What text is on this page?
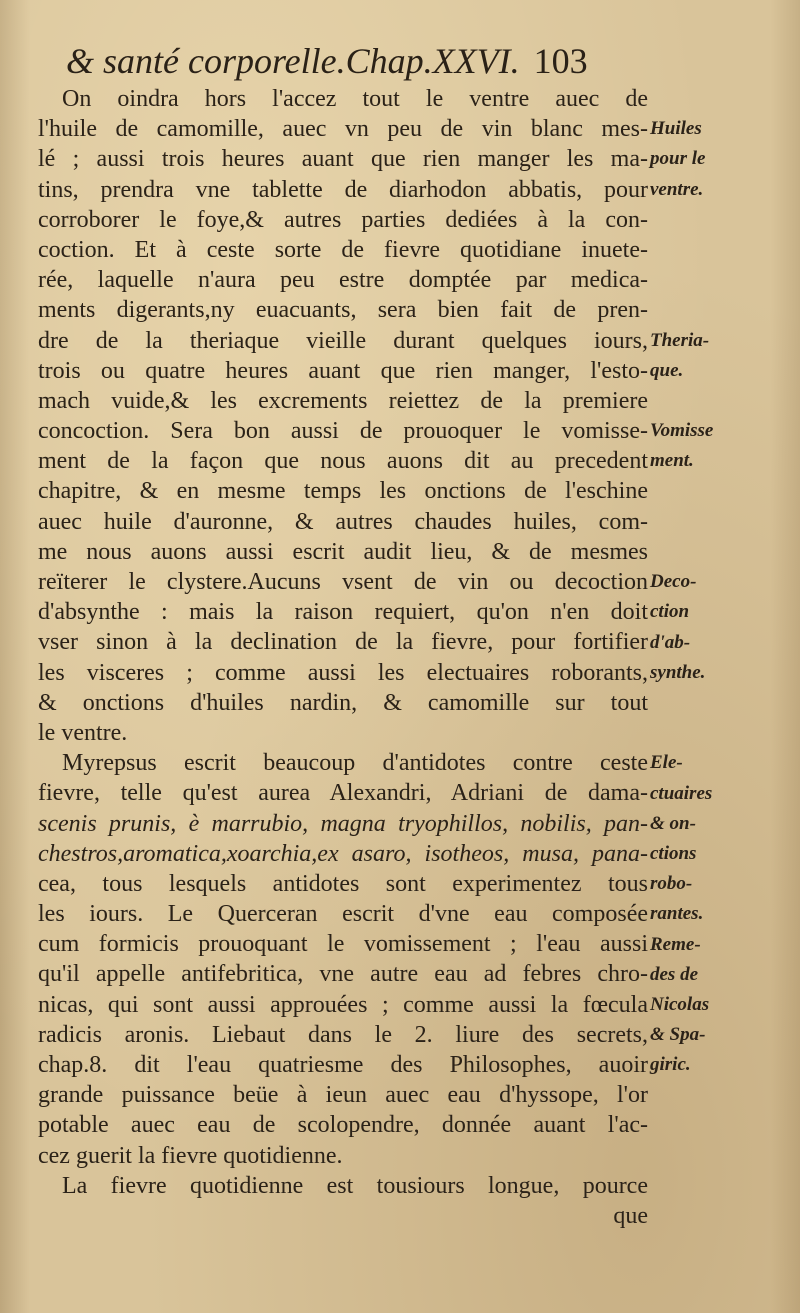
& santé corporelle.Chap.XXVI. 103
On oindra hors l'accez tout le ventre auec de
l'huile de camomille, auec vn peu de vin blanc mes-
lé ; aussi trois heures auant que rien manger les ma-
tins, prendra vne tablette de diarhodon abbatis, pour
corroborer le foye,& autres parties dediées à la con-
coction. Et à ceste sorte de fievre quotidiane inuete-
rée, laquelle n'aura peu estre domptée par medica-
ments digerants,ny euacuants, sera bien fait de pren-
dre de la theriaque vieille durant quelques iours,
trois ou quatre heures auant que rien manger, l'esto-
mach vuide,& les excrements reiettez de la premiere
concoction. Sera bon aussi de prouoquer le vomisse-
ment de la façon que nous auons dit au precedent
chapitre, & en mesme temps les onctions de l'eschine
auec huile d'auronne, & autres chaudes huiles, com-
me nous auons aussi escrit audit lieu, & de mesmes
reïterer le clystere.Aucuns vsent de vin ou decoction
d'absynthe : mais la raison requiert, qu'on n'en doit
vser sinon à la declination de la fievre, pour fortifier
les visceres ; comme aussi les electuaires roborants,
& onctions d'huiles nardin, & camomille sur tout
le ventre.
Myrepsus escrit beaucoup d'antidotes contre ceste
fievre, telle qu'est aurea Alexandri, Adriani de dama-
scenis prunis, è marrubio, magna tryophillos, nobilis, pan-
chestros,aromatica,xoarchia,ex asaro, isotheos, musa, pana-
cea, tous lesquels antidotes sont experimentez tous
les iours. Le Querceran escrit d'vne eau composée
cum formicis prouoquant le vomissement ; l'eau aussi
qu'il appelle antifebritica, vne autre eau ad febres chro-
nicas, qui sont aussi approuées ; comme aussi la fœcula
radicis aronis. Liebaut dans le 2. liure des secrets,
chap.8. dit l'eau quatriesme des Philosophes, auoir
grande puissance beüe à ieun auec eau d'hyssope, l'or
potable auec eau de scolopendre, donnée auant l'ac-
cez guerit la fievre quotidienne.
La fievre quotidienne est tousiours longue, pource
que
Huiles
pour le
ventre.
Theria-
que.
Vomisse
ment.
Deco-
ction
d'ab-
synthe.
Ele-
ctuaires
& on-
ctions
robo-
rantes.
Reme-
des de
Nicolas
& Spa-
giric.
